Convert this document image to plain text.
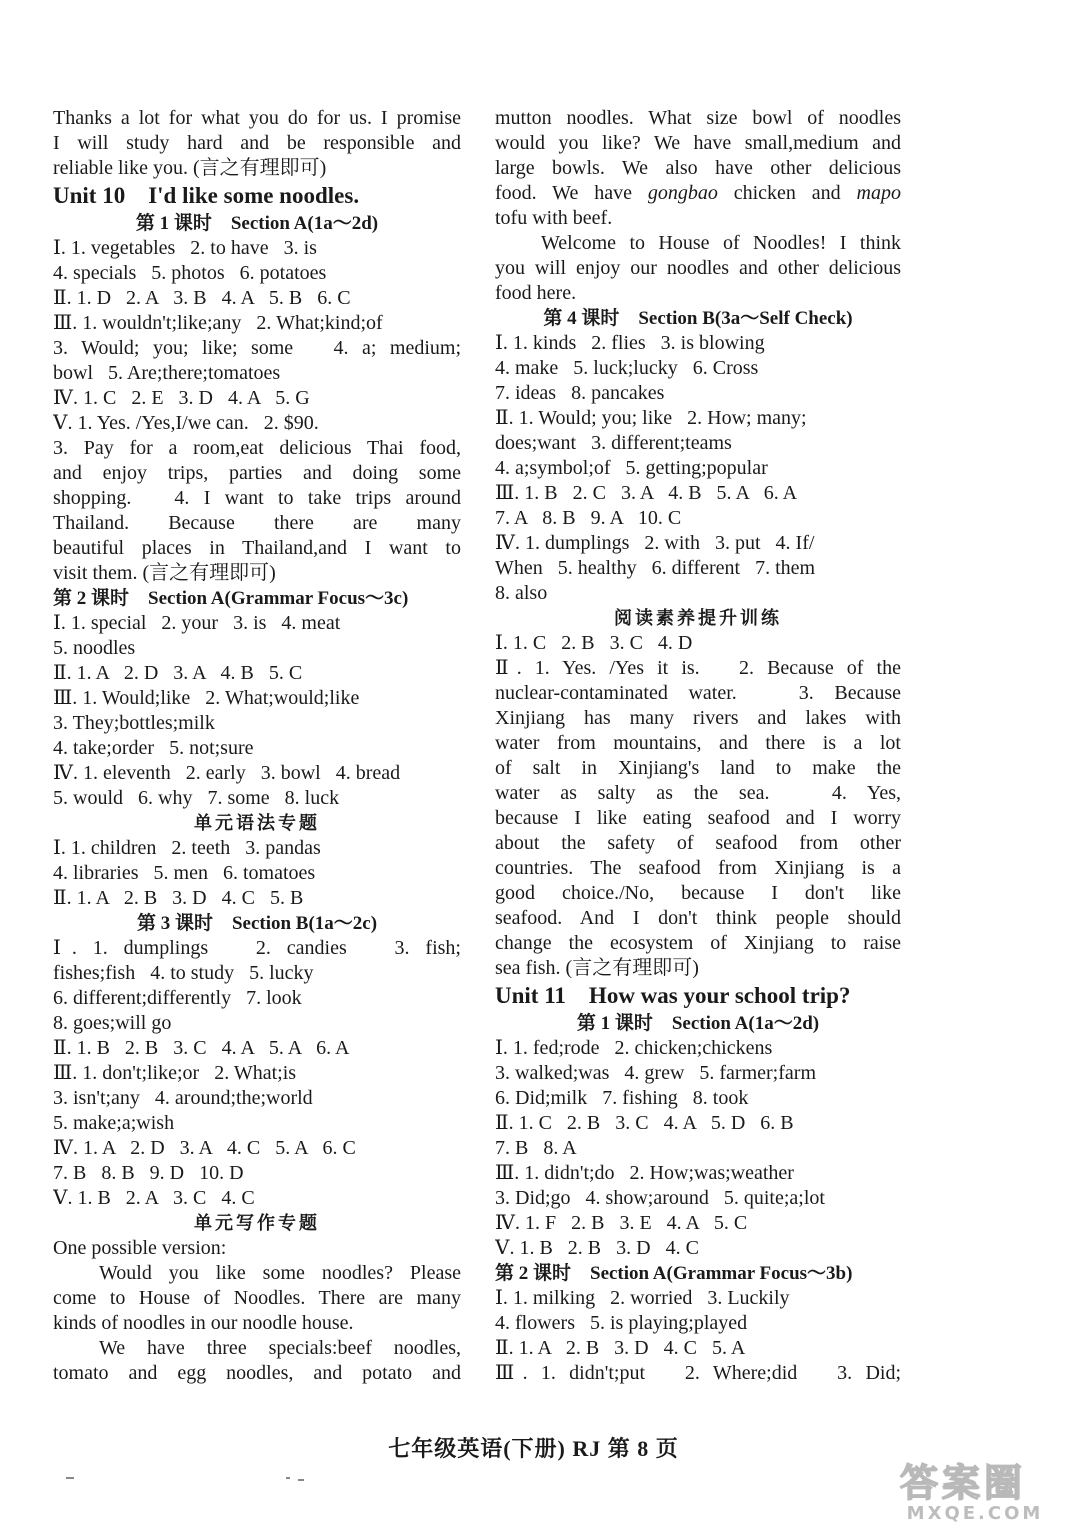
Thanks a lot for what you do for us. I promise
I will study hard and be responsible and
reliable like you. (言之有理即可)
Unit 10    I'd like some noodles.
第 1 课时    Section A(1a～2d)
Ⅰ. 1. vegetables   2. to have   3. is
4. specials   5. photos   6. potatoes
Ⅱ. 1. D   2. A   3. B   4. A   5. B   6. C
Ⅲ. 1. wouldn't;like;any   2. What;kind;of
3. Would; you; like; some   4. a; medium;
bowl   5. Are;there;tomatoes
Ⅳ. 1. C   2. E   3. D   4. A   5. G
Ⅴ. 1. Yes. /Yes,I/we can.   2. $90.
3. Pay for a room,eat delicious Thai food,
and enjoy trips, parties and doing some
shopping.   4. I want to take trips around
Thailand.   Because   there   are   many
beautiful places in Thailand,and I want to
visit them. (言之有理即可)
第 2 课时    Section A(Grammar Focus～3c)
Ⅰ. 1. special   2. your   3. is   4. meat
5. noodles
Ⅱ. 1. A   2. D   3. A   4. B   5. C
Ⅲ. 1. Would;like   2. What;would;like
3. They;bottles;milk
4. take;order   5. not;sure
Ⅳ. 1. eleventh   2. early   3. bowl   4. bread
5. would   6. why   7. some   8. luck
单元语法专题
Ⅰ. 1. children   2. teeth   3. pandas
4. libraries   5. men   6. tomatoes
Ⅱ. 1. A   2. B   3. D   4. C   5. B
第 3 课时    Section B(1a～2c)
Ⅰ. 1. dumplings   2. candies   3. fish;
fishes;fish   4. to study   5. lucky
6. different;differently   7. look
8. goes;will go
Ⅱ. 1. B   2. B   3. C   4. A   5. A   6. A
Ⅲ. 1. don't;like;or   2. What;is
3. isn't;any   4. around;the;world
5. make;a;wish
Ⅳ. 1. A   2. D   3. A   4. C   5. A   6. C
7. B   8. B   9. D   10. D
Ⅴ. 1. B   2. A   3. C   4. C
单元写作专题
One possible version:
Would you like some noodles? Please
come to House of Noodles. There are many
kinds of noodles in our noodle house.
We have three specials:beef noodles,
tomato and egg noodles, and potato and
mutton noodles. What size bowl of noodles
would you like? We have small,medium and
large bowls. We also have other delicious
food. We have gongbao chicken and mapo
tofu with beef.
Welcome to House of Noodles! I think
you will enjoy our noodles and other delicious
food here.
第 4 课时    Section B(3a～Self Check)
Ⅰ. 1. kinds   2. flies   3. is blowing
4. make   5. luck;lucky   6. Cross
7. ideas   8. pancakes
Ⅱ. 1. Would; you; like   2. How; many;
does;want   3. different;teams
4. a;symbol;of   5. getting;popular
Ⅲ. 1. B   2. C   3. A   4. B   5. A   6. A
7. A   8. B   9. A   10. C
Ⅳ. 1. dumplings   2. with   3. put   4. If/
When   5. healthy   6. different   7. them
8. also
阅读素养提升训练
Ⅰ. 1. C   2. B   3. C   4. D
Ⅱ. 1. Yes. /Yes it is.   2. Because of the
nuclear-contaminated water.   3. Because
Xinjiang has many rivers and lakes with
water from mountains, and there is a lot
of salt in Xinjiang's land to make the
water as salty as the sea.   4. Yes,
because I like eating seafood and I worry
about the safety of seafood from other
countries. The seafood from Xinjiang is a
good choice./No, because I don't like
seafood. And I don't think people should
change the ecosystem of Xinjiang to raise
sea fish. (言之有理即可)
Unit 11    How was your school trip?
第 1 课时    Section A(1a～2d)
Ⅰ. 1. fed;rode   2. chicken;chickens
3. walked;was   4. grew   5. farmer;farm
6. Did;milk   7. fishing   8. took
Ⅱ. 1. C   2. B   3. C   4. A   5. D   6. B
7. B   8. A
Ⅲ. 1. didn't;do   2. How;was;weather
3. Did;go   4. show;around   5. quite;a;lot
Ⅳ. 1. F   2. B   3. E   4. A   5. C
Ⅴ. 1. B   2. B   3. D   4. C
第 2 课时    Section A(Grammar Focus～3b)
Ⅰ. 1. milking   2. worried   3. Luckily
4. flowers   5. is playing;played
Ⅱ. 1. A   2. B   3. D   4. C   5. A
Ⅲ. 1. didn't;put   2. Where;did   3. Did;
七年级英语(下册) RJ 第 8 页
答案圈
MXQE.COM
